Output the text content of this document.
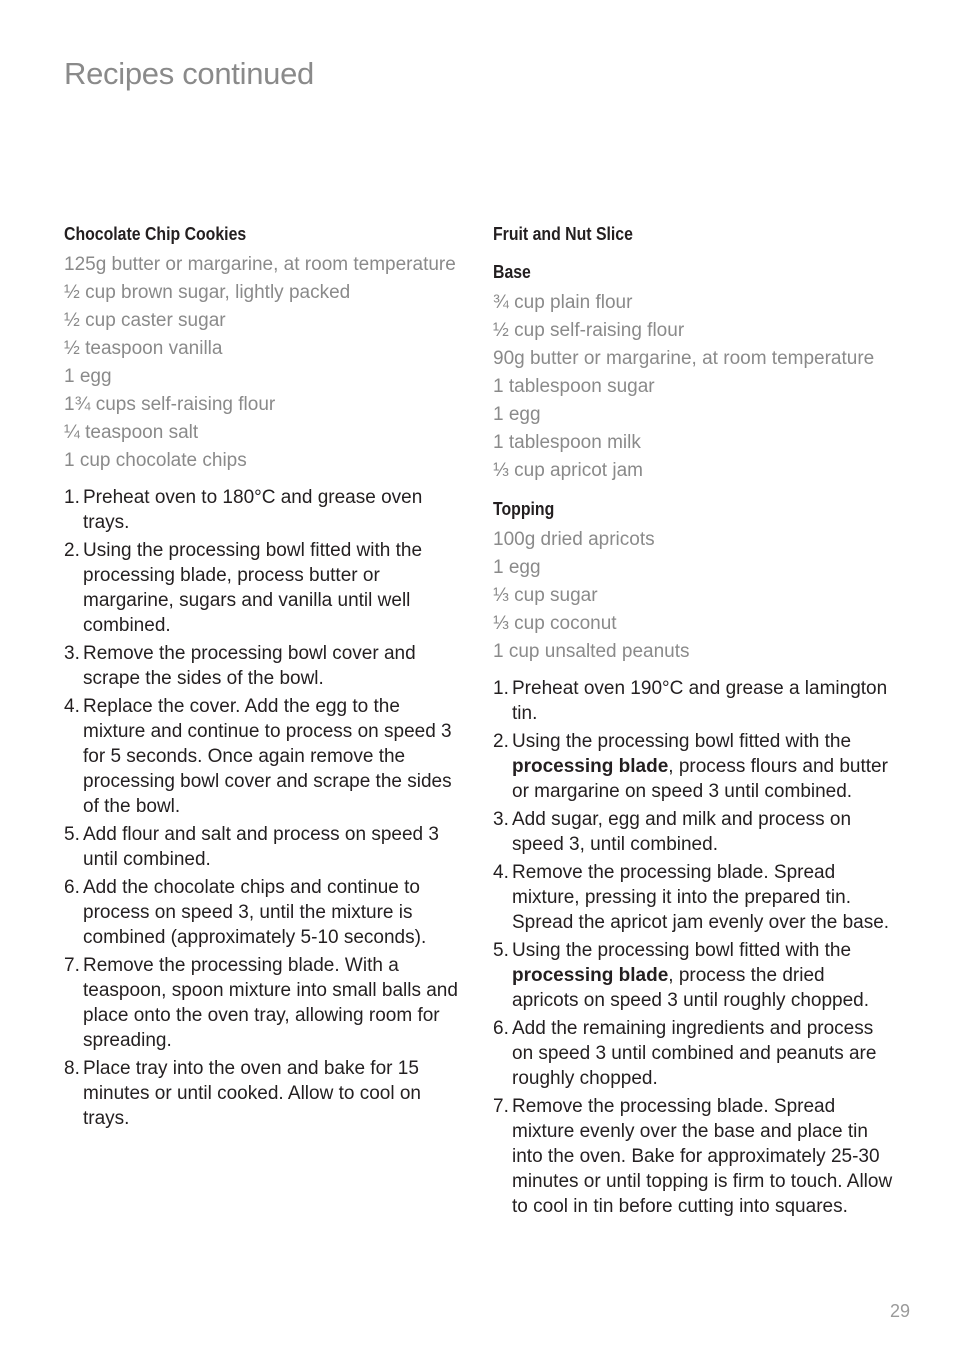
Recipes continued
Chocolate Chip Cookies
125g butter or margarine, at room temperature
½ cup brown sugar, lightly packed
½ cup caster sugar
½ teaspoon vanilla
1 egg
1¾ cups self-raising flour
¼ teaspoon salt
1 cup chocolate chips
1. Preheat oven to 180°C and grease oven trays.
2. Using the processing bowl fitted with the processing blade, process butter or margarine, sugars and vanilla until well combined.
3. Remove the processing bowl cover and scrape the sides of the bowl.
4. Replace the cover. Add the egg to the mixture and continue to process on speed 3 for 5 seconds. Once again remove the processing bowl cover and scrape the sides of the bowl.
5. Add flour and salt and process on speed 3 until combined.
6. Add the chocolate chips and continue to process on speed 3, until the mixture is combined (approximately 5-10 seconds).
7. Remove the processing blade. With a teaspoon, spoon mixture into small balls and place onto the oven tray, allowing room for spreading.
8. Place tray into the oven and bake for 15 minutes or until cooked. Allow to cool on trays.
Fruit and Nut Slice
Base
¾ cup plain flour
½ cup self-raising flour
90g butter or margarine, at room temperature
1 tablespoon sugar
1 egg
1 tablespoon milk
⅓ cup apricot jam
Topping
100g dried apricots
1 egg
⅓ cup sugar
⅓ cup coconut
1 cup unsalted peanuts
1. Preheat oven 190°C and grease a lamington tin.
2. Using the processing bowl fitted with the processing blade, process flours and butter or margarine on speed 3 until combined.
3. Add sugar, egg and milk and process on speed 3, until combined.
4. Remove the processing blade. Spread mixture, pressing it into the prepared tin. Spread the apricot jam evenly over the base.
5. Using the processing bowl fitted with the processing blade, process the dried apricots on speed 3 until roughly chopped.
6. Add the remaining ingredients and process on speed 3 until combined and peanuts are roughly chopped.
7. Remove the processing blade. Spread mixture evenly over the base and place tin into the oven. Bake for approximately 25-30 minutes or until topping is firm to touch. Allow to cool in tin before cutting into squares.
29
